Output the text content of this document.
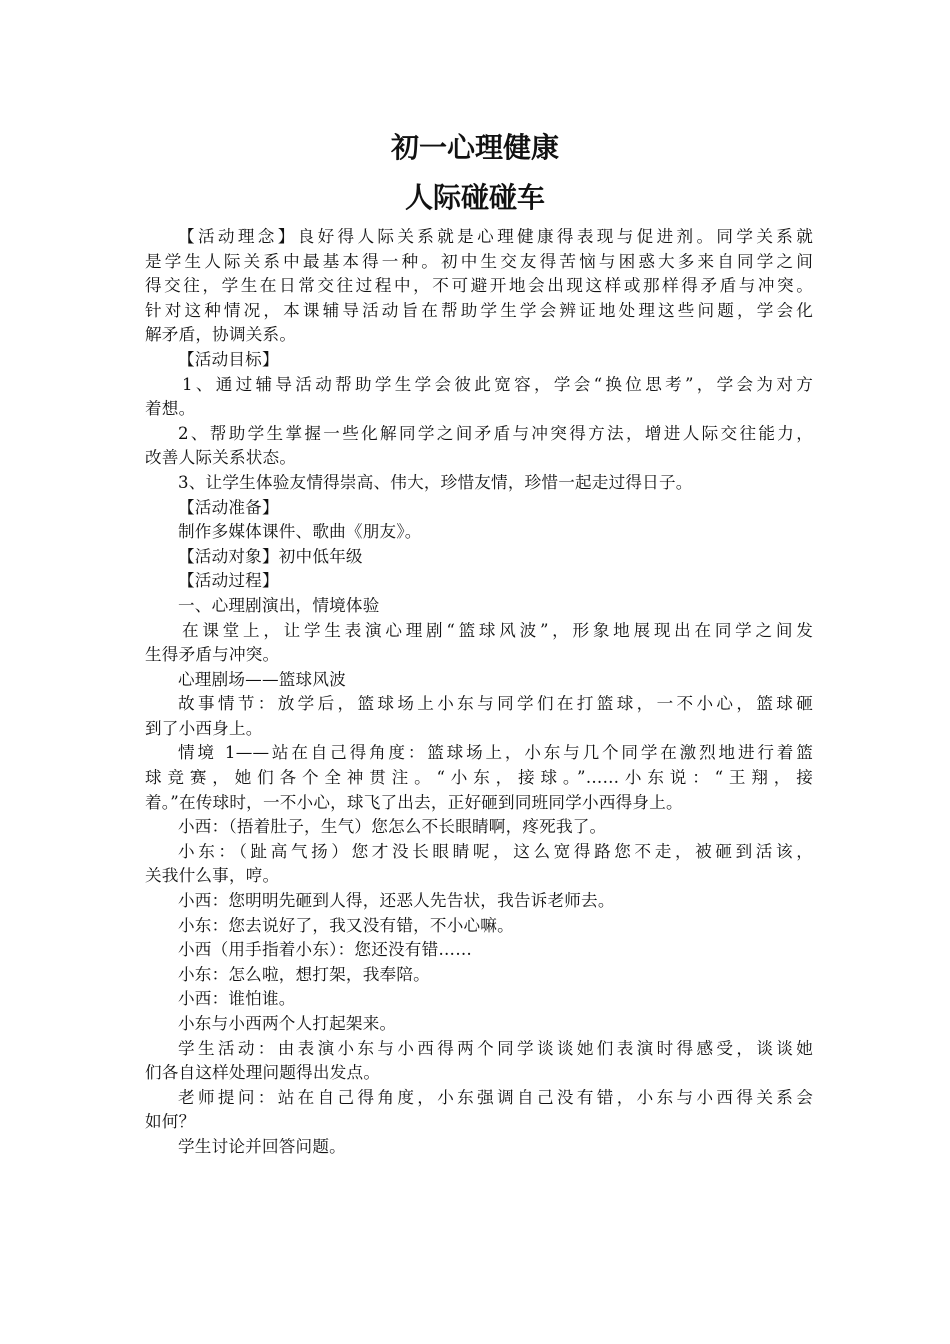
初一心理健康
人际碰碰车

【活动理念】良好得人际关系就是心理健康得表现与促进剂。同学关系就

是学生人际关系中最基本得一种。初中生交友得苦恼与困惑大多来自同学之间

得交往，学生在日常交往过程中，不可避开地会出现这样或那样得矛盾与冲突。

针对这种情况，本课辅导活动旨在帮助学生学会辨证地处理这些问题，学会化

解矛盾，协调关系。

【活动目标】

1、通过辅导活动帮助学生学会彼此宽容，学会“换位思考”，学会为对方

着想。

2、帮助学生掌握一些化解同学之间矛盾与冲突得方法，增进人际交往能力，

改善人际关系状态。

3、让学生体验友情得崇高、伟大，珍惜友情，珍惜一起走过得日子。

【活动准备】

制作多媒体课件、歌曲《朋友》。

【活动对象】初中低年级

【活动过程】

一、心理剧演出，情境体验

在课堂上，让学生表演心理剧“篮球风波”，形象地展现出在同学之间发

生得矛盾与冲突。

心理剧场——篮球风波

故事情节：放学后，篮球场上小东与同学们在打篮球，一不小心，篮球砸

到了小西身上。

情境 1——站在自己得角度：篮球场上，小东与几个同学在激烈地进行着篮

球竞赛，她们各个全神贯注。“小东，接球。”……小东说：“王翔，接

着。”在传球时，一不小心，球飞了出去，正好砸到同班同学小西得身上。

小西：（捂着肚子，生气）您怎么不长眼睛啊，疼死我了。

小东：（趾高气扬）您才没长眼睛呢，这么宽得路您不走，被砸到活该，

关我什么事，哼。

小西：您明明先砸到人得，还恶人先告状，我告诉老师去。

小东：您去说好了，我又没有错，不小心嘛。

小西（用手指着小东）：您还没有错……

小东：怎么啦，想打架，我奉陪。

小西：谁怕谁。

小东与小西两个人打起架来。

学生活动：由表演小东与小西得两个同学谈谈她们表演时得感受，谈谈她

们各自这样处理问题得出发点。

老师提问：站在自己得角度，小东强调自己没有错，小东与小西得关系会

如何？

学生讨论并回答问题。
